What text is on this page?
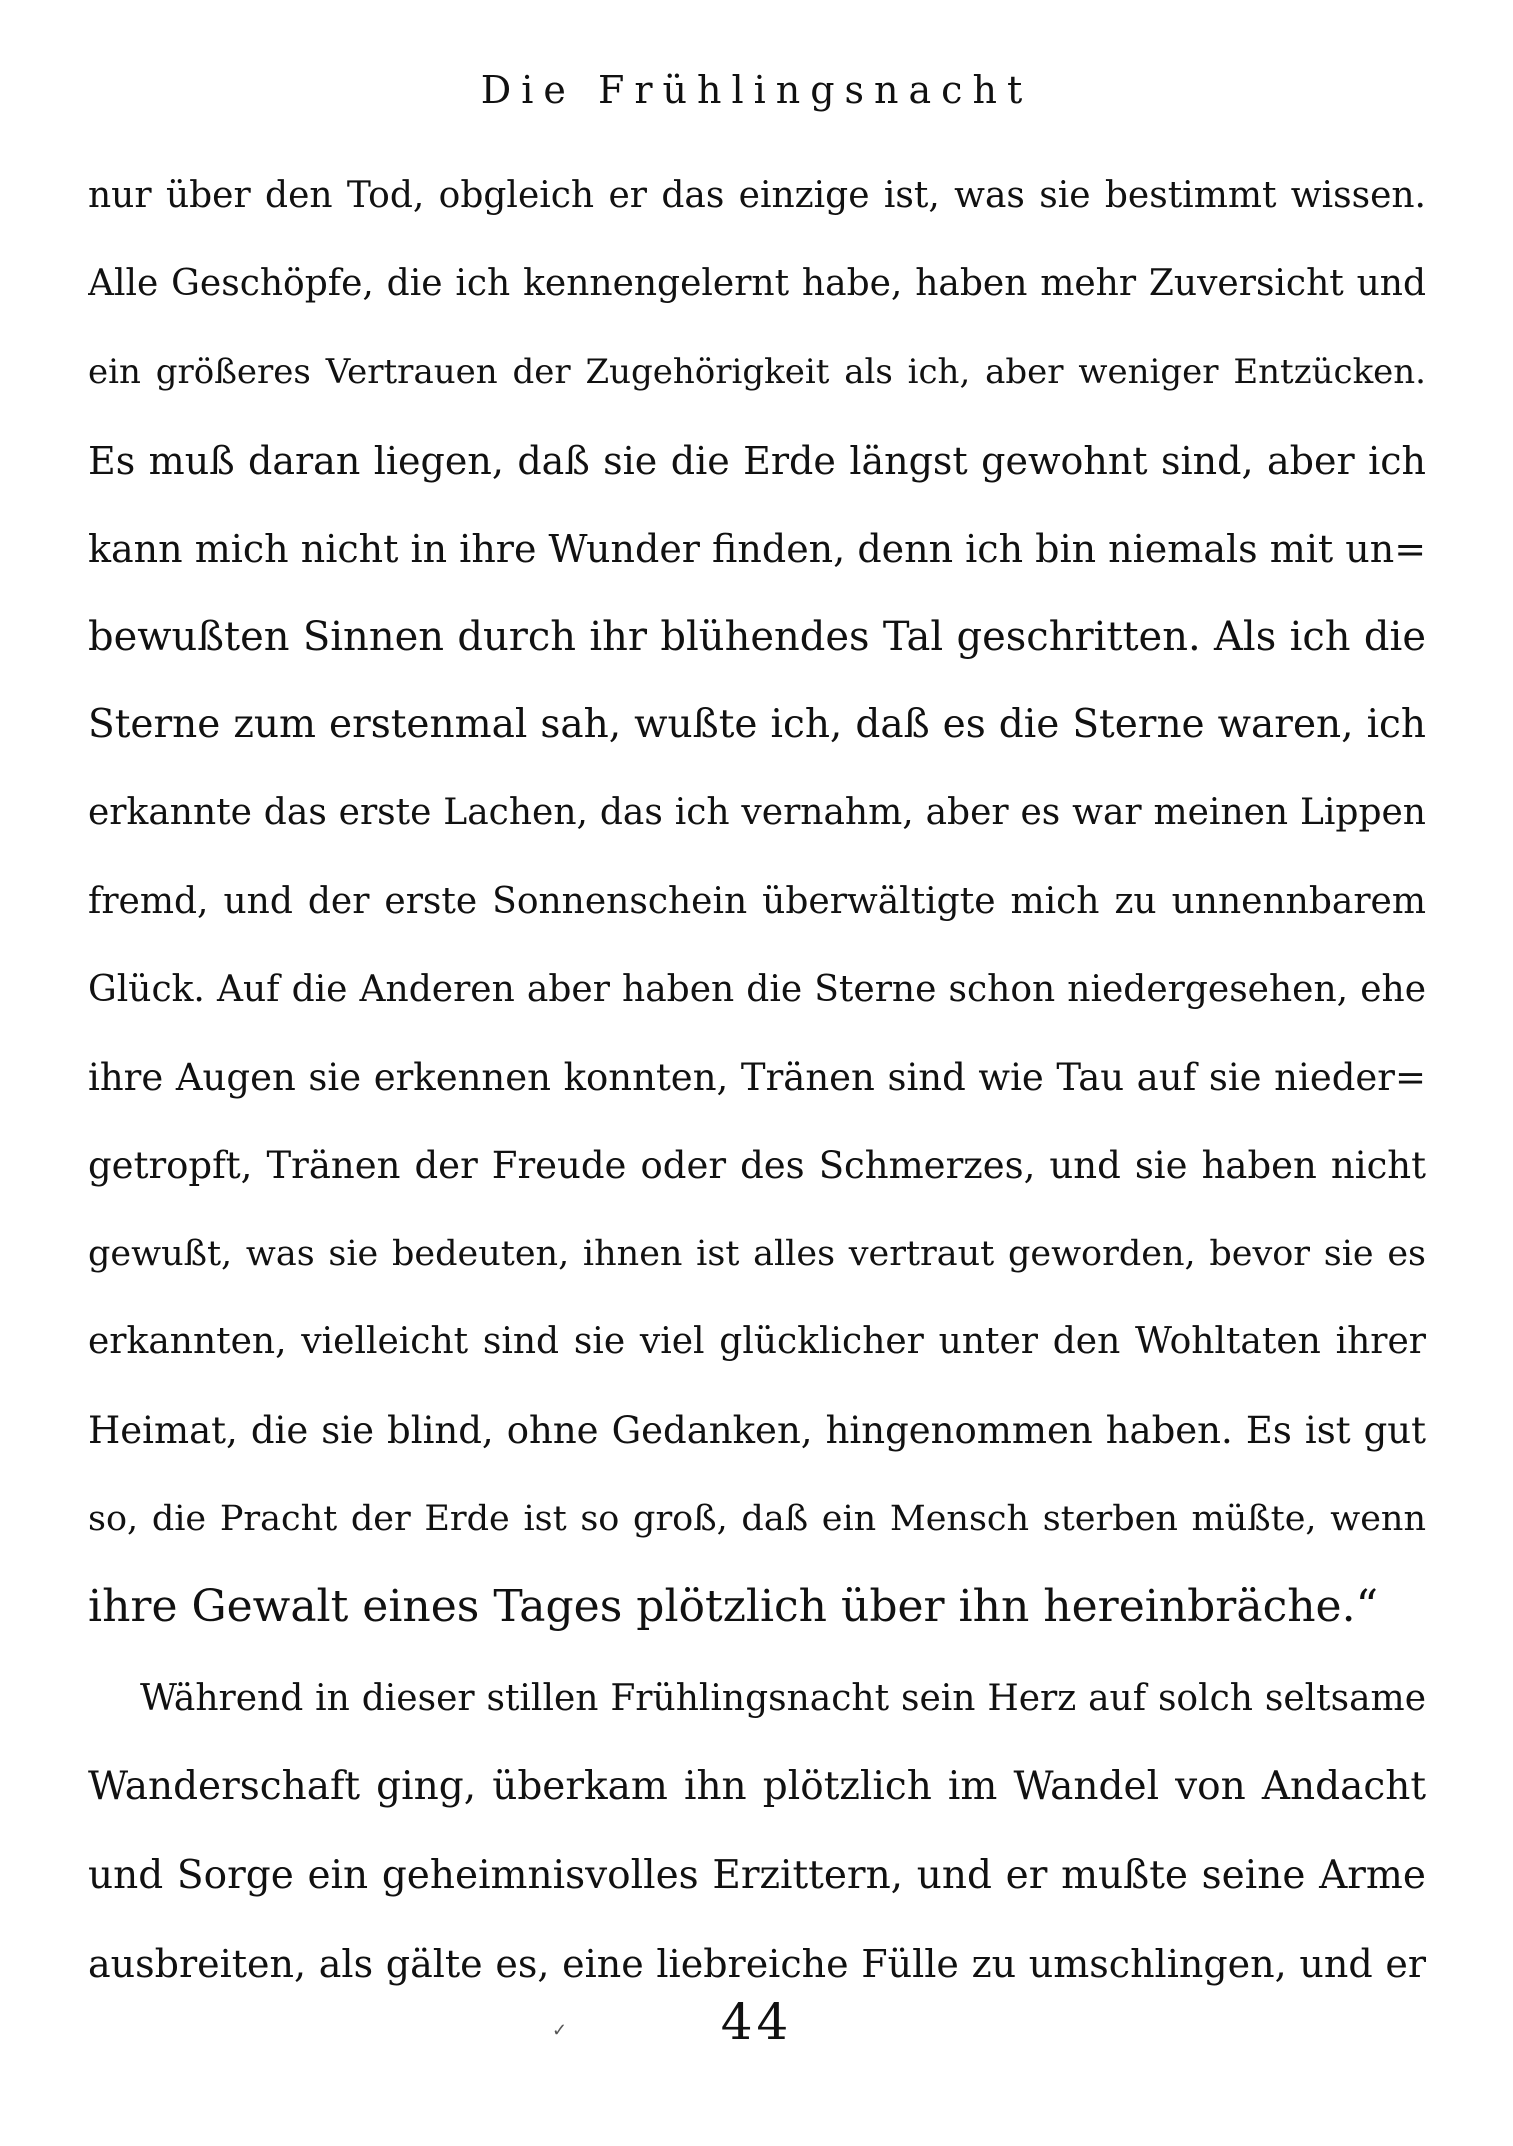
Die Frühlingsnacht
nur über den Tod, obgleich er das einzige ist, was sie bestimmt wissen.
Alle Geschöpfe, die ich kennengelernt habe, haben mehr Zuversicht und
ein größeres Vertrauen der Zugehörigkeit als ich, aber weniger Entzücken.
Es muß daran liegen, daß sie die Erde längst gewohnt sind, aber ich
kann mich nicht in ihre Wunder finden, denn ich bin niemals mit un=
bewußten Sinnen durch ihr blühendes Tal geschritten. Als ich die
Sterne zum erstenmal sah, wußte ich, daß es die Sterne waren, ich
erkannte das erste Lachen, das ich vernahm, aber es war meinen Lippen
fremd, und der erste Sonnenschein überwältigte mich zu unnennbarem
Glück. Auf die Anderen aber haben die Sterne schon niedergesehen, ehe
ihre Augen sie erkennen konnten, Tränen sind wie Tau auf sie nieder=
getropft, Tränen der Freude oder des Schmerzes, und sie haben nicht
gewußt, was sie bedeuten, ihnen ist alles vertraut geworden, bevor sie es
erkannten, vielleicht sind sie viel glücklicher unter den Wohltaten ihrer
Heimat, die sie blind, ohne Gedanken, hingenommen haben. Es ist gut
so, die Pracht der Erde ist so groß, daß ein Mensch sterben müßte, wenn
ihre Gewalt eines Tages plötzlich über ihn hereinbräche.“
Während in dieser stillen Frühlingsnacht sein Herz auf solch seltsame
Wanderschaft ging, überkam ihn plötzlich im Wandel von Andacht
und Sorge ein geheimnisvolles Erzittern, und er mußte seine Arme
ausbreiten, als gälte es, eine liebreiche Fülle zu umschlingen, und er
✓	44
